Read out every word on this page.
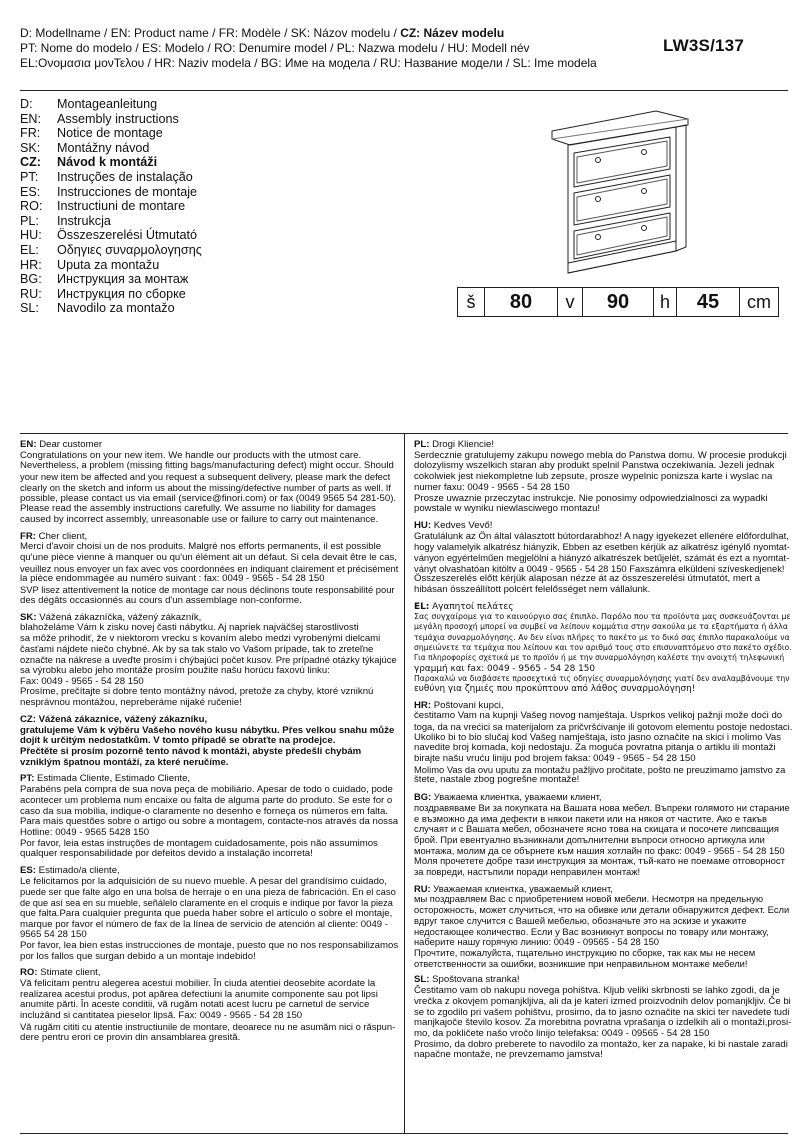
D: Modellname / EN: Product name / FR: Modèle / SK: Názov modelu / CZ: Název modelu
PT: Nome do modelo / ES: Modelo / RO: Denumire model / PL: Nazwa modelu / HU: Modell név
EL:Ονομασια μονΤελου / HR: Naziv modela / BG: Име на модела / RU: Название модели / SL: Ime modela
LW3S/137
D: Montageanleitung
EN: Assembly instructions
FR: Notice de montage
SK: Montážny návod
CZ: Návod k montáži
PT: Instruções de instalação
ES: Instrucciones de montaje
RO: Instructiuni de montare
PL: Instrukcja
HU: Összeszerelési Útmutató
EL: Οδηγιες συναρμολογησης
HR: Uputa za montažu
BG: Инструкция за монтаж
RU: Инструкция по сборке
SL: Navodilo za montažo	š	80	v	90	h	45	cm

EN: Dear customer

Congratulations on your new item. We handle our products with the utmost care.

Nevertheless, a problem (missing fitting bags/manufacturing defect) might occur. Should

your new item be affected and you request a subsequent delivery, please mark the defect

clearly on the sketch and inform us about the missing/defective number of parts as well. If

possible, please contact us via email (service@finori.com) or fax (0049 9565 54 281-50).

Please read the assembly instructions carefully. We assume no liability for damages

caused by incorrect assembly, unreasonable use or failure to carry out maintenance.

FR: Cher client,

Merci d'avoir choisi un de nos produits. Malgré nos efforts permanents, il est possible

qu'une pièce vienne à manquer ou qu'un élément ait un défaut. Si cela devait être le cas,

veuillez nous envoyer un fax avec vos coordonnées en indiquant clairement et précisément

la pièce endommagée au numéro suivant : fax: 0049 - 9565 - 54 28 150

SVP lisez attentivement la notice de montage car nous déclinons toute responsabilité pour

des dégâts occasionnés au cours d'un assemblage non-conforme.

SK: Vážená zákazníčka, vážený zákazník,

blahoželáme Vám k zisku novej časti nábytku. Aj napriek najväčšej starostlivosti

sa môže prihodiť, že v niektorom vrecku s kovaním alebo medzi vyrobenými dielcami

časťami nájdete niečo chybné. Ak by sa tak stalo vo Vašom prípade, tak to zreteľne

označte na nákrese a uveďte prosím i chýbajúci počet kusov. Pre prípadné otázky týkajúce

sa výrobku alebo jeho montáže prosím použite našu horúcu faxovú linku:

Fax: 0049 - 9565 - 54 28 150

Prosíme, prečítajte si dobre tento montážny návod, pretože za chyby, ktoré vzniknú

nesprávnou montážou, nepreberáme nijaké ručenie!

CZ: Vážená zákaznice, vážený zákazníku,

gratulujeme Vám k výběru Vašeho nového kusu nábytku. Přes velkou snahu může

dojít k určitým nedostatkům. V tomto případě se obraťte na prodejce.

Přečtěte si prosím pozorně tento návod k montáži, abyste předešli chybám

vzniklým špatnou montáží, za které neručíme.

PT: Estimada Cliente, Estimado Cliente,

Parabéns pela compra de sua nova peça de mobiliário. Apesar de todo o cuidado, pode

acontecer um problema num encaixe ou falta de alguma parte do produto. Se este for o

caso da sua mobília, indique-o claramente no desenho e forneça os números em falta.

Para mais questões sobre o artigo ou sobre a montagem, contacte-nos através da nossa

Hotline: 0049 - 9565 5428 150

Por favor, leia estas instruções de montagem cuidadosamente, pois não assumimos

qualquer responsabilidade por defeitos devido a instalação incorreta!

ES: Estimado/a cliente,

Le felicitamos por la adquisición de su nuevo mueble. A pesar del grandísimo cuidado,

puede ser que falte algo en una bolsa de herraje o en una pieza de fabricación. En el caso

de que así sea en su mueble, señálelo claramente en el croquis e indique por favor la pieza

que falta.Para cualquier pregunta que pueda haber sobre el artículo o sobre el montaje,

marque por favor el número de fax de la línea de servicio de atención al cliente: 0049 -

9565 54 28 150

Por favor, lea bien estas instrucciones de montaje, puesto que no nos responsabilizamos

por los fallos que surgan debido a un montaje indebido!

RO: Stimate client,

Vă felicitam pentru alegerea acestui mobilier. În ciuda atentiei deosebite acordate la

realizarea acestui produs, pot apărea defectiuni la anumite componente sau pot lipsi

anumite părti. În aceste conditii, vă rugăm notati acest lucru pe carnetul de service

inclużând si cantitatea pieselor lipsă. Fax: 0049 - 9565 - 54 28 150

Vă rugăm cititi cu atentie instructiunile de montare, deoarece nu ne asumăm nici o răspun-

dere pentru erori ce provin din ansamblarea gresită.

PL: Drogi Kliencie!

Serdecznie gratulujemy zakupu nowego mebla do Panstwa domu. W procesie produkcji

dolozylismy wszelkich staran aby produkt spelnil Panstwa oczekiwania. Jezeli jednak

cokolwiek jest niekompletne lub zepsute, prosze wypelnic ponizsza karte i wyslac na

numer faxu: 0049 - 9565 - 54 28 150

Prosze uwaznie przeczytac instrukcje. Nie ponosimy odpowiedzialnosci za wypadki

powstale w wyniku niewlasciwego montazu!

HU: Kedves Vevő!

Gratulálunk az Ön által választott bútordarabhoz! A nagy igyekezet ellenére előfordulhat,

hogy valamelyik alkatrész hiányzik. Ebben az esetben kérjük az alkatrész igénylő nyomtat-

ványon egyértelműen megjelölni a hiányzó alkatrészek betűjelét, számát és ezt a nyomtat-

ványt olvashatóan kitöltv a 0049 - 9565 - 54 28 150 Faxszámra elküldeni szíveskedjenek!

Összeszerelés előtt kérjük alaposan nézze át az összeszerelési útmutatót, mert a

hibásan összeállított polcért felelősséget nem vállalunk.

EL: Αγαπητοί πελάτες

Σας συγχαίρομε για το καινούργιο σας έπιπλο. Παρόλο που τα προϊόντα μας συσκευάζονται με

μεγάλη προσοχή μπορεί να συμβεί να λείπουν κομμάτια στην σακούλα με τα εξαρτήματα ή άλλα

τεμάχια συναρμολόγησης. Αν δεν είναι πλήρες το πακέτο με το δικό σας έπιπλο παρακαλούμε να

σημειώνετε τα τεμάχια που λείπουν και τον αριθμό τους στο επισυναπτόμενο στο πακέτο σχέδιο.

Για πληροφορίες σχετικά με το προϊόν ή με την συναρμολόγηση καλέστε την ανοιχτή τηλεφωνική

γραμμή και fax: 0049 - 9565 - 54 28 150

Παρακαλώ να διαβάσετε προσεχτικά τις οδηγίες συναρμολόγησης γιατί δεν αναλαμβάνουμε την

ευθύνη για ζημιές που προκύπτουν από λάθος συναρμολόγηση!

HR: Poštovani kupci,

čestitamo Vam na kupnji Vašeg novog namještaja. Usprkos velikoj pažnji može doći do

toga, da na vrećici sa materijalom za pričvršćivanje ili gotovom elementu postoje nedostaci.

Ukoliko bi to bio slučaj kod Vašeg namještaja, isto jasno označite na skici i molimo Vas

navedite broj komada, koji nedostaju. Za moguća povratna pitanja o artiklu ili montaži

birajte našu vruću liniju pod brojem faksa: 0049 - 9565 - 54 28 150

Molimo Vas da ovu uputu za montažu pažljivo pročitate, pošto ne preuzimamo jamstvo za

štete, nastale zbog pogrešne montaže!

BG: Уважаема клиентка, уважаеми клиент,

поздравяваме Ви за покупката на Вашата нова мебел. Въпреки голямото ни старание

е възможно да има дефекти в някои пакети или на някоя от частите. Ако е такъв

случаят и с Вашата мебел, обозначете ясно това на скицата и посочете липсващия

брой. При евентуално възникнали допълнителни въпроси относно артикула или

монтажа, молим да се обърнете към нашия хотлайн по факс: 0049 - 9565 - 54 28 150

Моля прочетете добре тази инструкция за монтаж, тъй-като не поемаме отговорност

за повреди, настъпили поради неправилен монтаж!

RU: Уважаемая клиентка, уважаемый клиент,

мы поздравляем Вас с приобретением новой мебели. Несмотря на предельную

осторожность, может случиться, что на обивке или детали обнаружится дефект. Если

вдруг такое случится с Вашей мебелью, обозначьте это на эскизе и укажите

недостающее количество. Если у Вас возникнут вопросы по товару или монтажу,

наберите нашу горячую линию: 0049 - 09565 - 54 28 150

Прочтите, пожалуйста, тщательно инструкцию по сборке, так как мы не несем

ответственности за ошибки, возникшие при неправильном монтаже мебели!

SL: Spoštovana stranka!

Čestitamo vam ob nakupu novega pohištva. Kljub veliki skrbnosti se lahko zgodi, da je

vrečka z okovjem pomanjkljiva, ali da je kateri izmed proizvodnih delov pomanjkljiv. Če bi

se to zgodilo pri vašem pohištvu, prosimo, da to jasno označite na skici ter navedete tudi

manjkajoče število kosov. Za morebitna povratna vprašanja o izdelkih ali o montaži,prosi-

mo, da pokličete našo vročo linijo telefaksa: 0049 - 09565 - 54 28 150

Prosimo, da dobro preberete to navodilo za montažo, ker za napake, ki bi nastale zaradi

napačne montaže, ne prevzemamo jamstva!
